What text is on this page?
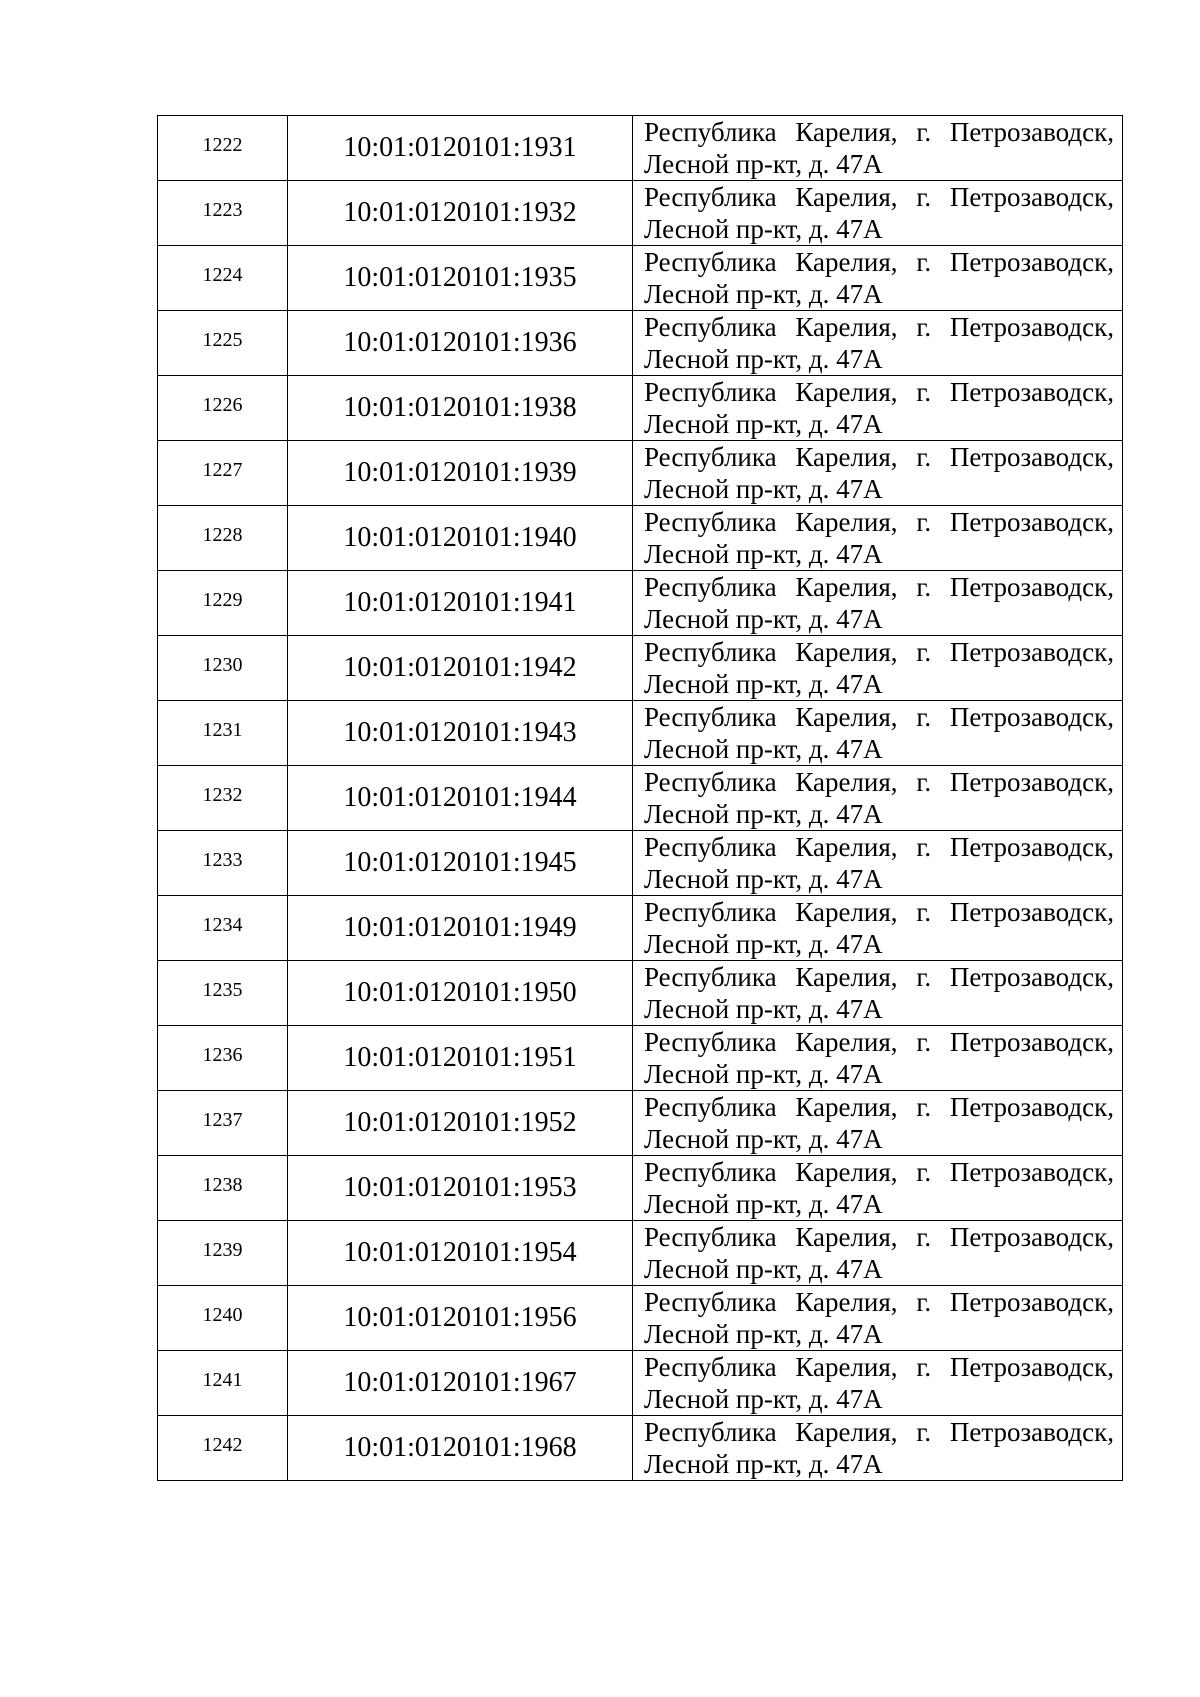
1222	10:01:0120101:1931	Республика Карелия, г. Петрозаводск,
Лесной пр-кт, д. 47А

1223	10:01:0120101:1932	Республика Карелия, г. Петрозаводск,
Лесной пр-кт, д. 47А

1224	10:01:0120101:1935	Республика Карелия, г. Петрозаводск,
Лесной пр-кт, д. 47А

1225	10:01:0120101:1936	Республика Карелия, г. Петрозаводск,
Лесной пр-кт, д. 47А

1226	10:01:0120101:1938	Республика Карелия, г. Петрозаводск,
Лесной пр-кт, д. 47А

1227	10:01:0120101:1939	Республика Карелия, г. Петрозаводск,
Лесной пр-кт, д. 47А

1228	10:01:0120101:1940	Республика Карелия, г. Петрозаводск,
Лесной пр-кт, д. 47А

1229	10:01:0120101:1941	Республика Карелия, г. Петрозаводск,
Лесной пр-кт, д. 47А

1230	10:01:0120101:1942	Республика Карелия, г. Петрозаводск,
Лесной пр-кт, д. 47А

1231	10:01:0120101:1943	Республика Карелия, г. Петрозаводск,
Лесной пр-кт, д. 47А

1232	10:01:0120101:1944	Республика Карелия, г. Петрозаводск,
Лесной пр-кт, д. 47А

1233	10:01:0120101:1945	Республика Карелия, г. Петрозаводск,
Лесной пр-кт, д. 47А

1234	10:01:0120101:1949	Республика Карелия, г. Петрозаводск,
Лесной пр-кт, д. 47А

1235	10:01:0120101:1950	Республика Карелия, г. Петрозаводск,
Лесной пр-кт, д. 47А

1236	10:01:0120101:1951	Республика Карелия, г. Петрозаводск,
Лесной пр-кт, д. 47А

1237	10:01:0120101:1952	Республика Карелия, г. Петрозаводск,
Лесной пр-кт, д. 47А

1238	10:01:0120101:1953	Республика Карелия, г. Петрозаводск,
Лесной пр-кт, д. 47А

1239	10:01:0120101:1954	Республика Карелия, г. Петрозаводск,
Лесной пр-кт, д. 47А

1240	10:01:0120101:1956	Республика Карелия, г. Петрозаводск,
Лесной пр-кт, д. 47А

1241	10:01:0120101:1967	Республика Карелия, г. Петрозаводск,
Лесной пр-кт, д. 47А

1242	10:01:0120101:1968	Республика Карелия, г. Петрозаводск,
Лесной пр-кт, д. 47А
